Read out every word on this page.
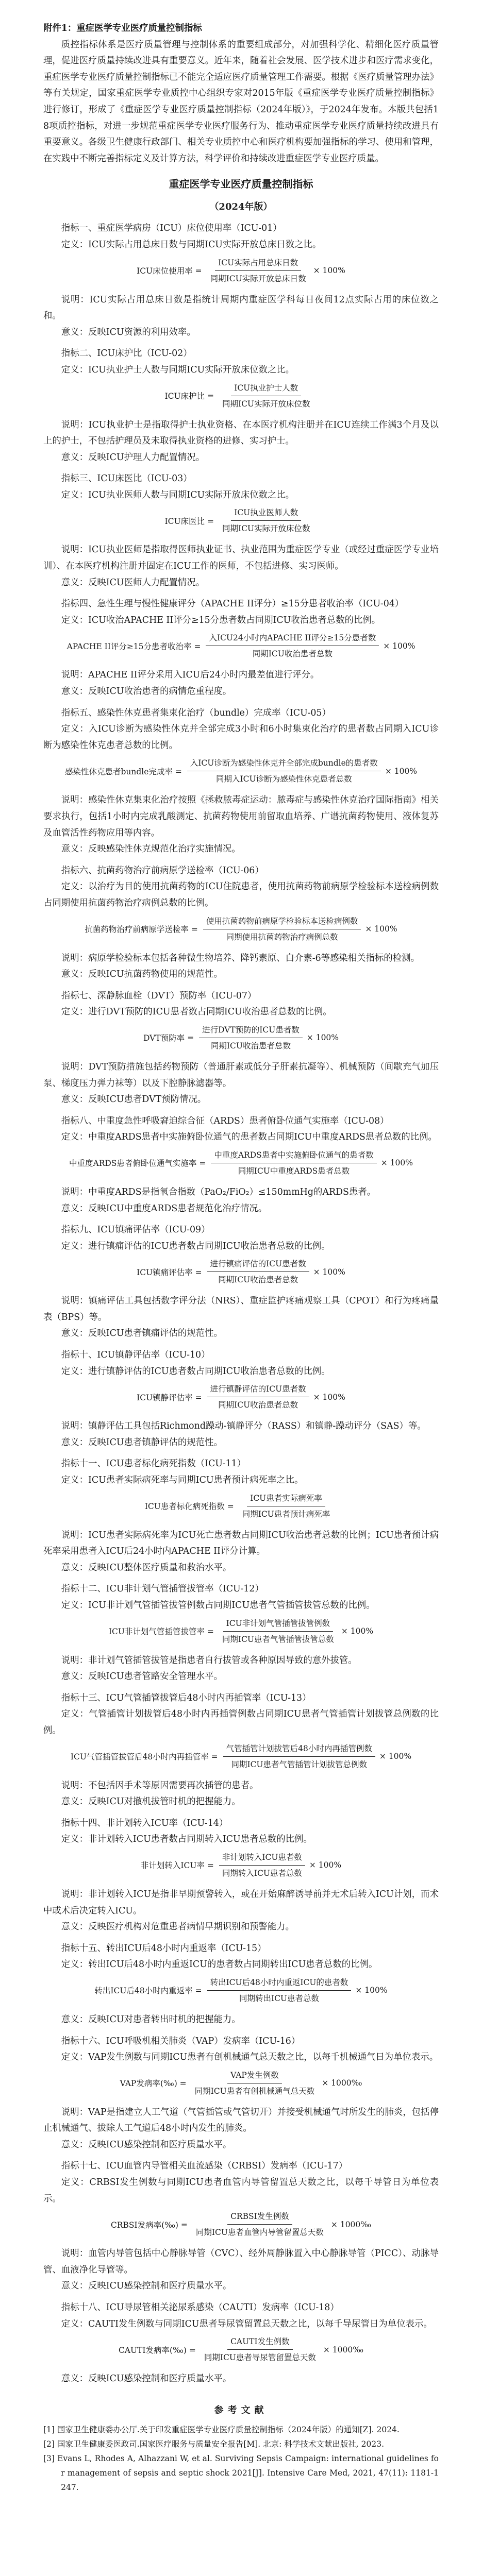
附件1：重症医学专业医疗质量控制指标

质控指标体系是医疗质量管理与控制体系的重要组成部分，对加强科学化、精细化医疗质量管理，促进医疗质量持续改进具有重要意义。近年来，随着社会发展、医学技术进步和医疗需求变化，重症医学专业医疗质量控制指标已不能完全适应医疗质量管理工作需要。根据《医疗质量管理办法》等有关规定，国家重症医学专业质控中心组织专家对2015年版《重症医学专业医疗质量控制指标》进行修订，形成了《重症医学专业医疗质量控制指标（2024年版）》，于2024年发布。本版共包括18项质控指标，对进一步规范重症医学专业医疗服务行为、推动重症医学专业医疗质量持续改进具有重要意义。各级卫生健康行政部门、相关专业质控中心和医疗机构要加强指标的学习、使用和管理，在实践中不断完善指标定义及计算方法，科学评价和持续改进重症医学专业医疗质量。

重症医学专业医疗质量控制指标
（2024年版）

指标一、重症医学病房（ICU）床位使用率（ICU-01）

定义：ICU实际占用总床日数与同期ICU实际开放总床日数之比。

ICU床位使用率 = $\frac{\text{ICU实际占用总床日数}}{\text{同期ICU实际开放总床日数}} \times 100\%$

说明：ICU实际占用总床日数是指统计周期内重症医学科每日夜间12点实际占用的床位数之和。

意义：反映ICU资源的利用效率。

指标二、ICU床护比（ICU-02）

定义：ICU执业护士人数与同期ICU实际开放床位数之比。

ICU床护比 = $\frac{\text{ICU执业护士人数}}{\text{同期ICU实际开放床位数}}$

说明：ICU执业护士是指取得护士执业资格、在本医疗机构注册并在ICU连续工作满3个月及以上的护士，不包括护理员及未取得执业资格的进修、实习护士。

意义：反映ICU护理人力配置情况。

指标三、ICU床医比（ICU-03）

定义：ICU执业医师人数与同期ICU实际开放床位数之比。

ICU床医比 = $\frac{\text{ICU执业医师人数}}{\text{同期ICU实际开放床位数}}$

说明：ICU执业医师是指取得医师执业证书、执业范围为重症医学专业（或经过重症医学专业培训）、在本医疗机构注册并固定在ICU工作的医师，不包括进修、实习医师。

意义：反映ICU医师人力配置情况。

指标四、急性生理与慢性健康评分（APACHE II评分）≥15分患者收治率（ICU-04）

定义：ICU收治APACHE II评分≥15分患者数占同期ICU收治患者总数的比例。

APACHE II评分≥15分患者收治率 = $\frac{\text{入ICU24小时内APACHE II评分≥15分患者数}}{\text{同期ICU收治患者总数}} \times 100\%$

说明：APACHE II评分采用入ICU后24小时内最差值进行评分。

意义：反映ICU收治患者的病情危重程度。

指标五、感染性休克患者集束化治疗（bundle）完成率（ICU-05）

定义：入ICU诊断为感染性休克并全部完成3小时和6小时集束化治疗的患者数占同期入ICU诊断为感染性休克患者总数的比例。

感染性休克患者bundle完成率 = $\frac{\text{入ICU诊断为感染性休克并全部完成bundle的患者数}}{\text{同期入ICU诊断为感染性休克患者总数}} \times 100\%$

说明：感染性休克集束化治疗按照《拯救脓毒症运动：脓毒症与感染性休克治疗国际指南》相关要求执行，包括1小时内完成乳酸测定、抗菌药物使用前留取血培养、广谱抗菌药物使用、液体复苏及血管活性药物应用等内容。

意义：反映感染性休克规范化治疗实施情况。

指标六、抗菌药物治疗前病原学送检率（ICU-06）

定义：以治疗为目的使用抗菌药物的ICU住院患者，使用抗菌药物前病原学检验标本送检病例数占同期使用抗菌药物治疗病例总数的比例。

抗菌药物治疗前病原学送检率 = $\frac{\text{使用抗菌药物前病原学检验标本送检病例数}}{\text{同期使用抗菌药物治疗病例总数}} \times 100\%$

说明：病原学检验标本包括各种微生物培养、降钙素原、白介素-6等感染相关指标的检测。

意义：反映ICU抗菌药物使用的规范性。

指标七、深静脉血栓（DVT）预防率（ICU-07）

定义：进行DVT预防的ICU患者数占同期ICU收治患者总数的比例。

DVT预防率 = $\frac{\text{进行DVT预防的ICU患者数}}{\text{同期ICU收治患者总数}} \times 100\%$

说明：DVT预防措施包括药物预防（普通肝素或低分子肝素抗凝等）、机械预防（间歇充气加压泵、梯度压力弹力袜等）以及下腔静脉滤器等。

意义：反映ICU患者DVT预防情况。

指标八、中重度急性呼吸窘迫综合征（ARDS）患者俯卧位通气实施率（ICU-08）

定义：中重度ARDS患者中实施俯卧位通气的患者数占同期ICU中重度ARDS患者总数的比例。

中重度ARDS患者俯卧位通气实施率 = $\frac{\text{中重度ARDS患者中实施俯卧位通气的患者数}}{\text{同期ICU中重度ARDS患者总数}} \times 100\%$

说明：中重度ARDS是指氧合指数（PaO₂/FiO₂）≤150mmHg的ARDS患者。

意义：反映ICU中重度ARDS患者规范化治疗情况。

指标九、ICU镇痛评估率（ICU-09）

定义：进行镇痛评估的ICU患者数占同期ICU收治患者总数的比例。

ICU镇痛评估率 = $\frac{\text{进行镇痛评估的ICU患者数}}{\text{同期ICU收治患者总数}} \times 100\%$

说明：镇痛评估工具包括数字评分法（NRS）、重症监护疼痛观察工具（CPOT）和行为疼痛量表（BPS）等。

意义：反映ICU患者镇痛评估的规范性。

指标十、ICU镇静评估率（ICU-10）

定义：进行镇静评估的ICU患者数占同期ICU收治患者总数的比例。

ICU镇静评估率 = $\frac{\text{进行镇静评估的ICU患者数}}{\text{同期ICU收治患者总数}} \times 100\%$

说明：镇静评估工具包括Richmond躁动-镇静评分（RASS）和镇静-躁动评分（SAS）等。

意义：反映ICU患者镇静评估的规范性。

指标十一、ICU患者标化病死指数（ICU-11）

定义：ICU患者实际病死率与同期ICU患者预计病死率之比。

ICU患者标化病死指数 = $\frac{\text{ICU患者实际病死率}}{\text{同期ICU患者预计病死率}}$

说明：ICU患者实际病死率为ICU死亡患者数占同期ICU收治患者总数的比例；ICU患者预计病死率采用患者入ICU后24小时内APACHE II评分计算。

意义：反映ICU整体医疗质量和救治水平。

指标十二、ICU非计划气管插管拔管率（ICU-12）

定义：ICU非计划气管插管拔管例数占同期ICU患者气管插管拔管总数的比例。

ICU非计划气管插管拔管率 = $\frac{\text{ICU非计划气管插管拔管例数}}{\text{同期ICU患者气管插管拔管总数}} \times 100\%$

说明：非计划气管插管拔管是指患者自行拔管或各种原因导致的意外拔管。

意义：反映ICU患者管路安全管理水平。

指标十三、ICU气管插管拔管后48小时内再插管率（ICU-13）

定义：气管插管计划拔管后48小时内再插管例数占同期ICU患者气管插管计划拔管总例数的比例。

ICU气管插管拔管后48小时内再插管率 = $\frac{\text{气管插管计划拔管后48小时内再插管例数}}{\text{同期ICU患者气管插管计划拔管总例数}} \times 100\%$

说明：不包括因手术等原因需要再次插管的患者。

意义：反映ICU对撤机拔管时机的把握能力。

指标十四、非计划转入ICU率（ICU-14）

定义：非计划转入ICU患者数占同期转入ICU患者总数的比例。

非计划转入ICU率 = $\frac{\text{非计划转入ICU患者数}}{\text{同期转入ICU患者总数}} \times 100\%$

说明：非计划转入ICU是指非早期预警转入，或在开始麻醉诱导前并无术后转入ICU计划，而术中或术后决定转入ICU。

意义：反映医疗机构对危重患者病情早期识别和预警能力。

指标十五、转出ICU后48小时内重返率（ICU-15）

定义：转出ICU后48小时内重返ICU的患者数占同期转出ICU患者总数的比例。

转出ICU后48小时内重返率 = $\frac{\text{转出ICU后48小时内重返ICU的患者数}}{\text{同期转出ICU患者总数}} \times 100\%$

意义：反映ICU对患者转出时机的把握能力。

指标十六、ICU呼吸机相关肺炎（VAP）发病率（ICU-16）

定义：VAP发生例数与同期ICU患者有创机械通气总天数之比，以每千机械通气日为单位表示。

VAP发病率(‰) = $\frac{\text{VAP发生例数}}{\text{同期ICU患者有创机械通气总天数}}$ × 1000‰

说明：VAP是指建立人工气道（气管插管或气管切开）并接受机械通气时所发生的肺炎，包括停止机械通气、拔除人工气道后48小时内发生的肺炎。

意义：反映ICU感染控制和医疗质量水平。

指标十七、ICU血管内导管相关血流感染（CRBSI）发病率（ICU-17）

定义：CRBSI发生例数与同期ICU患者血管内导管留置总天数之比，以每千导管日为单位表示。

CRBSI发病率(‰) = $\frac{\text{CRBSI发生例数}}{\text{同期ICU患者血管内导管留置总天数}}$ × 1000‰

说明：血管内导管包括中心静脉导管（CVC）、经外周静脉置入中心静脉导管（PICC）、动脉导管、血液净化导管等。

意义：反映ICU感染控制和医疗质量水平。

指标十八、ICU导尿管相关泌尿系感染（CAUTI）发病率（ICU-18）

定义：CAUTI发生例数与同期ICU患者导尿管留置总天数之比，以每千导尿管日为单位表示。

CAUTI发病率(‰) = $\frac{\text{CAUTI发生例数}}{\text{同期ICU患者导尿管留置总天数}}$ × 1000‰

意义：反映ICU感染控制和医疗质量水平。

参考文献

[1] 国家卫生健康委办公厅.关于印发重症医学专业医疗质量控制指标（2024年版）的通知[Z]. 2024.

[2] 国家卫生健康委医政司.国家医疗服务与质量安全报告[M]. 北京: 科学技术文献出版社, 2023.

[3] Evans L, Rhodes A, Alhazzani W, et al. Surviving Sepsis Campaign: international guidelines for management of sepsis and septic shock 2021[J]. Intensive Care Med, 2021, 47(11): 1181-1247.
